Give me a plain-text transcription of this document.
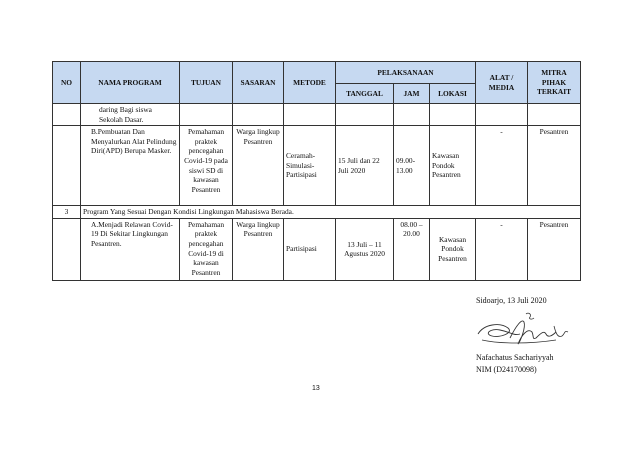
NO	NAMA PROGRAM	TUJUAN	SASARAN	METODE	PELAKSANAAN			ALAT / MEDIA	MITRA PIHAK TERKAIT
					TANGGAL	JAM	LOKASI		
	daring Bagi siswa Sekolah Dasar.								
	B.Pembuatan Dan Menyalurkan Alat Pelindung Diri(APD) Berupa Masker.	Pemahaman praktek pencegahan Covid-19 pada siswi SD di kawasan Pesantren	Warga lingkup Pesantren	Ceramah-Simulasi-Partisipasi	15 Juli dan 22 Juli 2020	09.00-13.00	Kawasan Pondok Pesantren	-	Pesantren
3	Program Yang Sesuai Dengan Kondisi Lingkungan Mahasiswa Berada.								
	A.Menjadi Relawan Covid-19 Di Sekitar Lingkungan Pesantren.	Pemahaman praktek pencegahan Covid-19 di kawasan Pesantren	Warga lingkup Pesantren	Partisipasi	13 Juli – 11 Agustus 2020	08.00 – 20.00	Kawasan Pondok Pesantren	-	Pesantren
Sidoarjo, 13 Juli 2020
Nafachatus Sachariyyah
NIM (D24170098)
13
